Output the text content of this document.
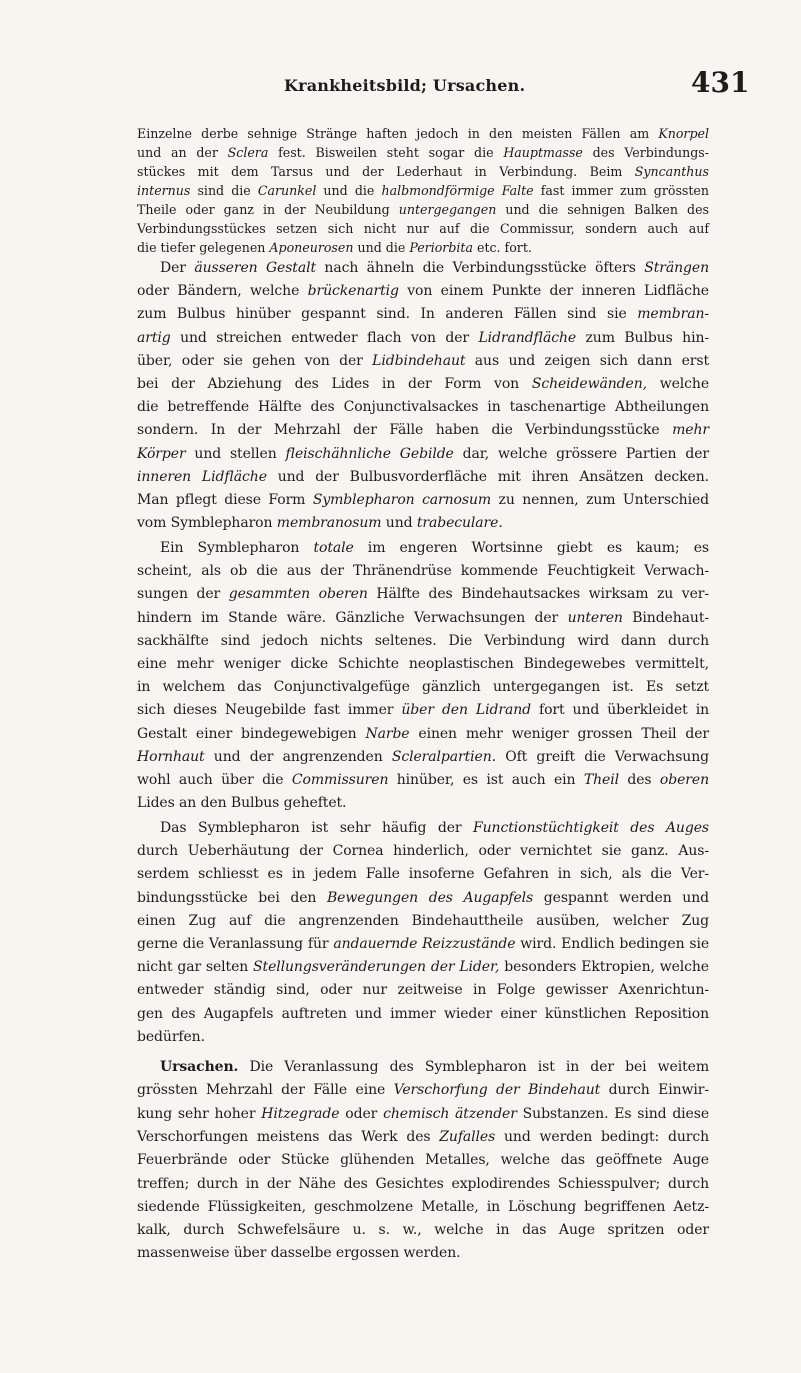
Krankheitsbild; Ursachen.	431
Einzelne derbe sehnige Stränge haften jedoch in den meisten Fällen am Knorpel
und an der Sclera fest. Bisweilen steht sogar die Hauptmasse des Verbindungs-
stückes mit dem Tarsus und der Lederhaut in Verbindung. Beim Syncanthus
internus sind die Carunkel und die halbmondförmige Falte fast immer zum grössten
Theile oder ganz in der Neubildung untergegangen und die sehnigen Balken des
Verbindungsstückes setzen sich nicht nur auf die Commissur, sondern auch auf
die tiefer gelegenen Aponeurosen und die Periorbita etc. fort.
Der äusseren Gestalt nach ähneln die Verbindungsstücke öfters Strängen
oder Bändern, welche brückenartig von einem Punkte der inneren Lidfläche
zum Bulbus hinüber gespannt sind. In anderen Fällen sind sie membran-
artig und streichen entweder flach von der Lidrandfläche zum Bulbus hin-
über, oder sie gehen von der Lidbindehaut aus und zeigen sich dann erst
bei der Abziehung des Lides in der Form von Scheidewänden, welche
die betreffende Hälfte des Conjunctivalsackes in taschenartige Abtheilungen
sondern. In der Mehrzahl der Fälle haben die Verbindungsstücke mehr
Körper und stellen fleischähnliche Gebilde dar, welche grössere Partien der
inneren Lidfläche und der Bulbusvorderfläche mit ihren Ansätzen decken.
Man pflegt diese Form Symblepharon carnosum zu nennen, zum Unterschied
vom Symblepharon membranosum und trabeculare.
Ein Symblepharon totale im engeren Wortsinne giebt es kaum; es
scheint, als ob die aus der Thränendrüse kommende Feuchtigkeit Verwach-
sungen der gesammten oberen Hälfte des Bindehautsackes wirksam zu ver-
hindern im Stande wäre. Gänzliche Verwachsungen der unteren Bindehaut-
sackhälfte sind jedoch nichts seltenes. Die Verbindung wird dann durch
eine mehr weniger dicke Schichte neoplastischen Bindegewebes vermittelt,
in welchem das Conjunctivalgefüge gänzlich untergegangen ist. Es setzt
sich dieses Neugebilde fast immer über den Lidrand fort und überkleidet in
Gestalt einer bindegewebigen Narbe einen mehr weniger grossen Theil der
Hornhaut und der angrenzenden Scleralpartien. Oft greift die Verwachsung
wohl auch über die Commissuren hinüber, es ist auch ein Theil des oberen
Lides an den Bulbus geheftet.
Das Symblepharon ist sehr häufig der Functionstüchtigkeit des Auges
durch Ueberhäutung der Cornea hinderlich, oder vernichtet sie ganz. Aus-
serdem schliesst es in jedem Falle insoferne Gefahren in sich, als die Ver-
bindungsstücke bei den Bewegungen des Augapfels gespannt werden und
einen Zug auf die angrenzenden Bindehauttheile ausüben, welcher Zug
gerne die Veranlassung für andauernde Reizzustände wird. Endlich bedingen sie
nicht gar selten Stellungsveränderungen der Lider, besonders Ektropien, welche
entweder ständig sind, oder nur zeitweise in Folge gewisser Axenrichtun-
gen des Augapfels auftreten und immer wieder einer künstlichen Reposition
bedürfen.
Ursachen. Die Veranlassung des Symblepharon ist in der bei weitem
grössten Mehrzahl der Fälle eine Verschorfung der Bindehaut durch Einwir-
kung sehr hoher Hitzegrade oder chemisch ätzender Substanzen. Es sind diese
Verschorfungen meistens das Werk des Zufalles und werden bedingt: durch
Feuerbrände oder Stücke glühenden Metalles, welche das geöffnete Auge
treffen; durch in der Nähe des Gesichtes explodirendes Schiesspulver; durch
siedende Flüssigkeiten, geschmolzene Metalle, in Löschung begriffenen Aetz-
kalk, durch Schwefelsäure u. s. w., welche in das Auge spritzen oder
massenweise über dasselbe ergossen werden.
